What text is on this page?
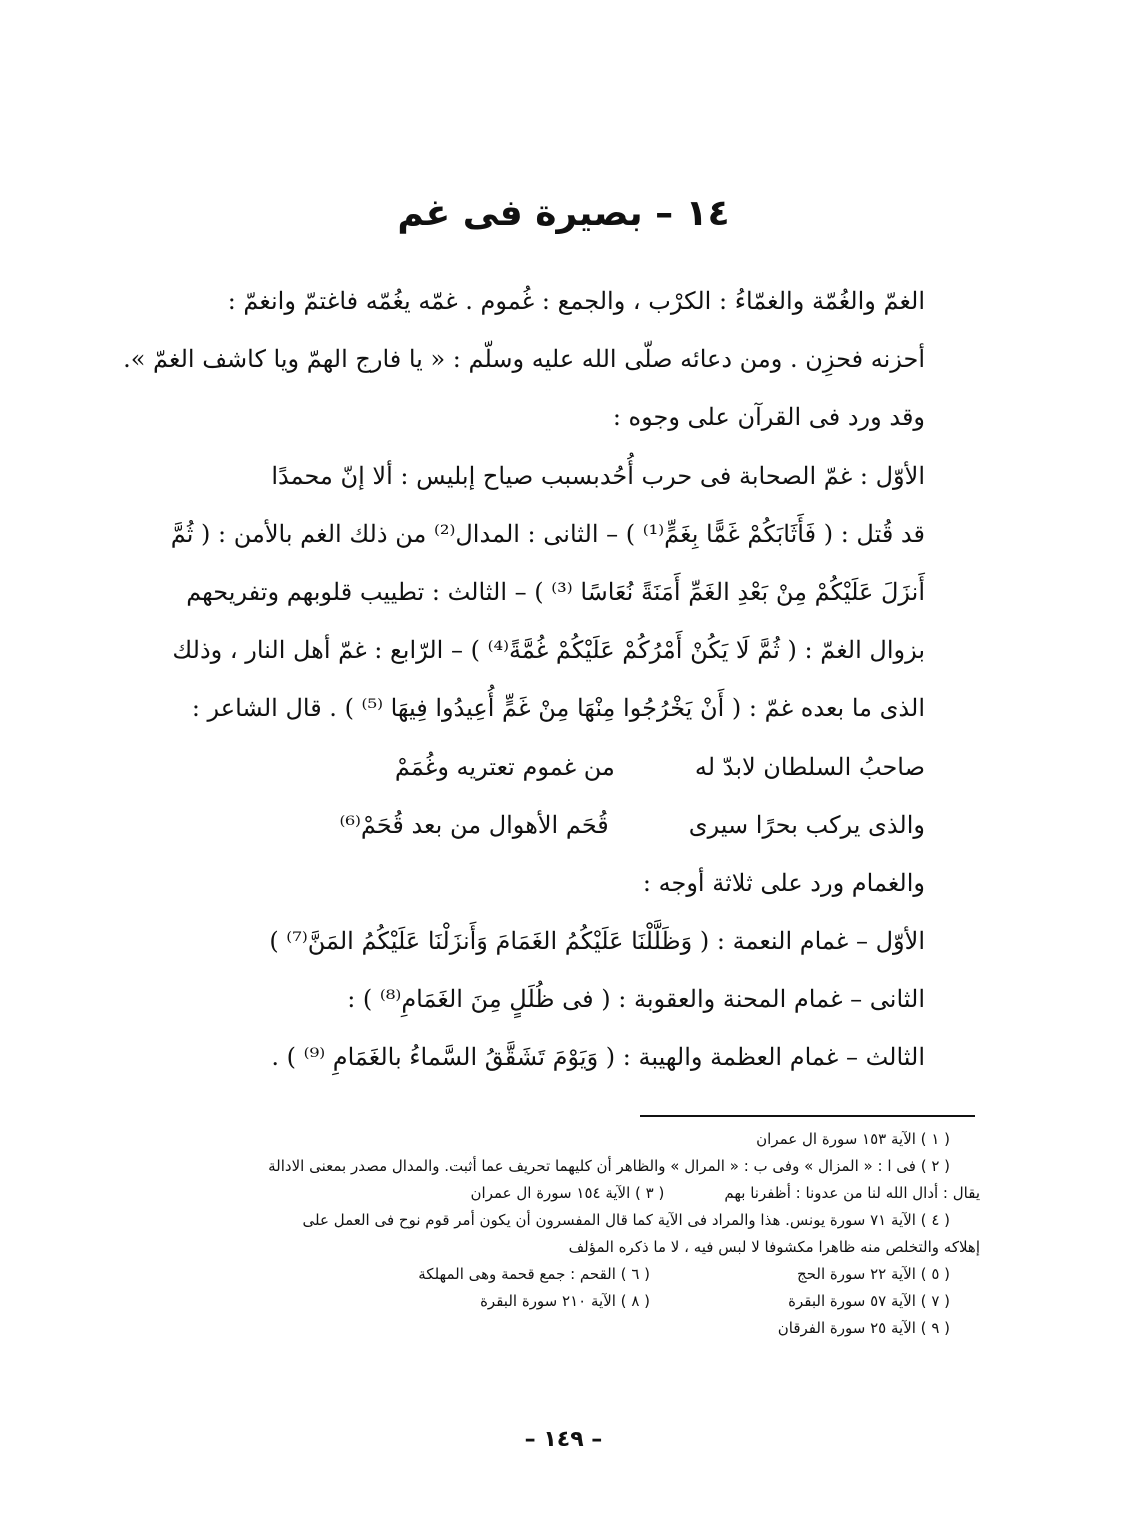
١٤ – بصيرة فى غم
الغمّ والغُمّة والغمّاءُ : الكرْب ، والجمع : غُموم . غمّه يغُمّه فاغتمّ وانغمّ :
أحزنه فحزِن . ومن دعائه صلّى الله عليه وسلّم : « يا فارج الهمّ ويا كاشف الغمّ ».
وقد ورد فى القرآن على وجوه :
الأوّل : غمّ الصحابة فى حرب أُحُدبسبب صياح إبليس : ألا إنّ محمدًا
قد قُتل : ( فَأَثَابَكُمْ غَمًّا بِغَمٍّ⁽¹⁾ ) – الثانى : المدال⁽²⁾ من ذلك الغم بالأمن : ( ثُمَّ
أَنزَلَ عَلَيْكُمْ مِنْ بَعْدِ الغَمِّ أَمَنَةً نُعَاسًا ⁽³⁾ ) – الثالث : تطييب قلوبهم وتفريحهم
بزوال الغمّ : ( ثُمَّ لَا يَكُنْ أَمْرُكُمْ عَلَيْكُمْ غُمَّةً⁽⁴⁾ ) – الرّابع : غمّ أهل النار ، وذلك
الذى ما بعده غمّ : ( أَنْ يَخْرُجُوا مِنْهَا مِنْ غَمٍّ أُعِيدُوا فِيهَا ⁽⁵⁾ ) . قال الشاعر :
صاحبُ السلطان لابدّ له
من غموم تعتريه وغُمَمْ
والذى يركب بحرًا سيرى
قُحَم الأهوال من بعد قُحَمْ⁽⁶⁾
والغمام ورد على ثلاثة أوجه :
الأوّل – غمام النعمة : ( وَظَلَّلْنَا عَلَيْكُمُ الغَمَامَ وَأَنزَلْنَا عَلَيْكُمُ المَنَّ⁽⁷⁾ )
الثانى – غمام المحنة والعقوبة : ( فى ظُلَلٍ مِنَ الغَمَامِ⁽⁸⁾ ) :
الثالث – غمام العظمة والهيبة : ( وَيَوْمَ تَشَقَّقُ السَّماءُ بالغَمَامِ ⁽⁹⁾ ) .
( ١ ) الآية ١٥٣ سورة ال عمران
( ٢ ) فى ا : « المزال » وفى ب : « المرال » والظاهر أن كليهما تحريف عما أثبت. والمدال مصدر بمعنى الادالة
يقال : أدال الله لنا من عدونا : أظفرنا بهم
( ٣ ) الآية ١٥٤ سورة ال عمران
( ٤ ) الآية ٧١ سورة يونس. هذا والمراد فى الآية كما قال المفسرون أن يكون أمر قوم نوح فى العمل على
إهلاكه والتخلص منه ظاهرا مكشوفا لا لبس فيه ، لا ما ذكره المؤلف
( ٥ ) الآية ٢٢ سورة الحج
( ٦ ) القحم : جمع قحمة وهى المهلكة
( ٧ ) الآية ٥٧ سورة البقرة
( ٨ ) الآية ٢١٠ سورة البقرة
( ٩ ) الآية ٢٥ سورة الفرقان
– ١٤٩ –
